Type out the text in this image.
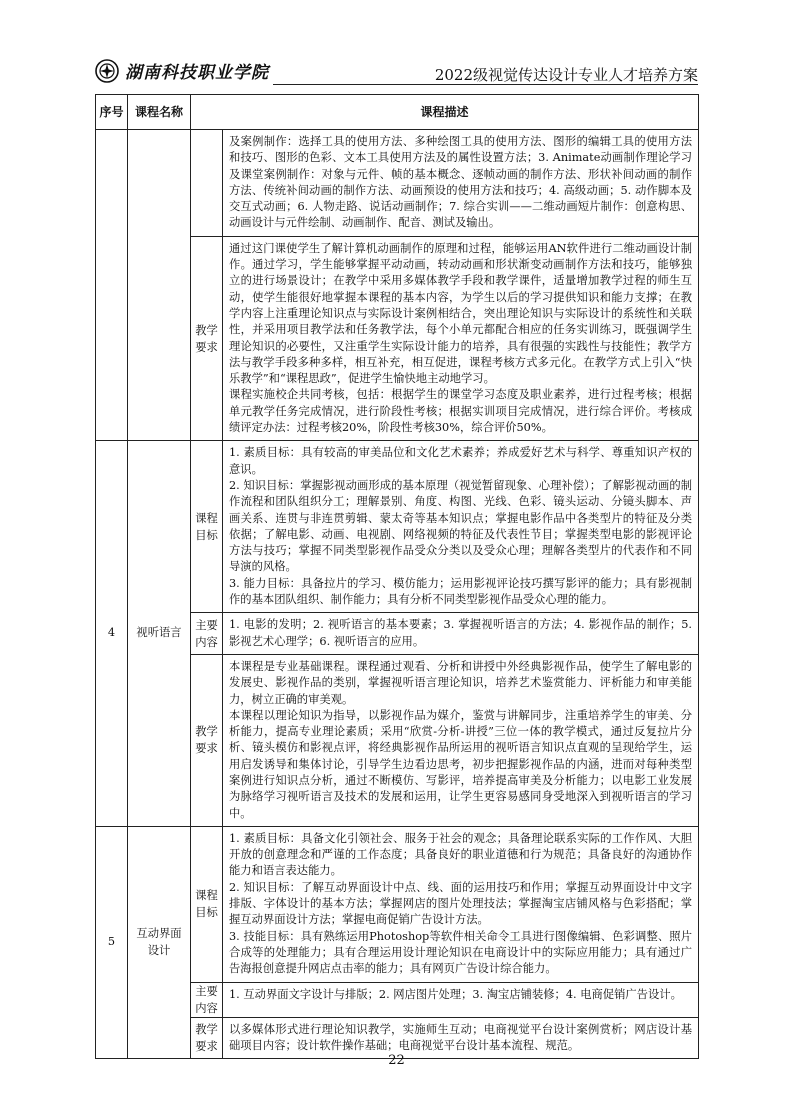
湖南科技职业学院	2022级视觉传达设计专业人才培养方案
序号	课程名称	课程描述	

			及案例制作：选择工具的使用方法、多种绘图工具的使用方法、图形的编辑工具的使用方法和技巧、图形的色彩、文本工具使用方法及的属性设置方法；3. Animate动画制作理论学习及课堂案例制作：对象与元件、帧的基本概念、逐帧动画的制作方法、形状补间动画的制作方法、传统补间动画的制作方法、动画预设的使用方法和技巧；4. 高级动画；5. 动作脚本及交互式动画；6. 人物走路、说话动画制作；7. 综合实训——二维动画短片制作：创意构思、动画设计与元件绘制、动画制作、配音、测试及输出。

		教学要求	通过这门课使学生了解计算机动画制作的原理和过程，能够运用AN软件进行二维动画设计制作。通过学习，学生能够掌握平动动画，转动动画和形状渐变动画制作方法和技巧，能够独立的进行场景设计；在教学中采用多媒体教学手段和教学课件，适量增加教学过程的师生互动，使学生能很好地掌握本课程的基本内容，为学生以后的学习提供知识和能力支撑；在教学内容上注重理论知识点与实际设计案例相结合，突出理论知识与实际设计的系统性和关联性，并采用项目教学法和任务教学法，每个小单元都配合相应的任务实训练习，既强调学生理论知识的必要性，又注重学生实际设计能力的培养，具有很强的实践性与技能性；教学方法与教学手段多种多样，相互补充，相互促进，课程考核方式多元化。在教学方式上引入“快乐教学”和“课程思政”，促进学生愉快地主动地学习。
课程实施校企共同考核，包括：根据学生的课堂学习态度及职业素养，进行过程考核；根据单元教学任务完成情况，进行阶段性考核；根据实训项目完成情况，进行综合评价。考核成绩评定办法：过程考核20%，阶段性考核30%，综合评价50%。

4	视听语言	课程目标	1. 素质目标：具有较高的审美品位和文化艺术素养；养成爱好艺术与科学、尊重知识产权的意识。
2. 知识目标：掌握影视动画形成的基本原理（视觉暂留现象、心理补偿）；了解影视动画的制作流程和团队组织分工；理解景别、角度、构图、光线、色彩、镜头运动、分镜头脚本、声画关系、连贯与非连贯剪辑、蒙太奇等基本知识点；掌握电影作品中各类型片的特征及分类依据；了解电影、动画、电视剧、网络视频的特征及代表性节目；掌握类型电影的影视评论方法与技巧；掌握不同类型影视作品受众分类以及受众心理；理解各类型片的代表作和不同导演的风格。
3. 能力目标：具备拉片的学习、模仿能力；运用影视评论技巧撰写影评的能力；具有影视制作的基本团队组织、制作能力；具有分析不同类型影视作品受众心理的能力。

		主要内容	1. 电影的发明；2. 视听语言的基本要素；3. 掌握视听语言的方法；4. 影视作品的制作；5. 影视艺术心理学；6. 视听语言的应用。

		教学要求	本课程是专业基础课程。课程通过观看、分析和讲授中外经典影视作品，使学生了解电影的发展史、影视作品的类别，掌握视听语言理论知识，培养艺术鉴赏能力、评析能力和审美能力，树立正确的审美观。
本课程以理论知识为指导，以影视作品为媒介，鉴赏与讲解同步，注重培养学生的审美、分析能力，提高专业理论素质；采用“欣赏-分析-讲授”三位一体的教学模式，通过反复拉片分析、镜头模仿和影视点评，将经典影视作品所运用的视听语言知识点直观的呈现给学生，运用启发诱导和集体讨论，引导学生边看边思考，初步把握影视作品的内涵，进而对每种类型案例进行知识点分析，通过不断模仿、写影评，培养提高审美及分析能力；以电影工业发展为脉络学习视听语言及技术的发展和运用，让学生更容易感同身受地深入到视听语言的学习中。

5	互动界面设计	课程目标	1. 素质目标：具备文化引领社会、服务于社会的观念；具备理论联系实际的工作作风、大胆开放的创意理念和严谨的工作态度；具备良好的职业道德和行为规范；具备良好的沟通协作能力和语言表达能力。
2. 知识目标：了解互动界面设计中点、线、面的运用技巧和作用；掌握互动界面设计中文字排版、字体设计的基本方法；掌握网店的图片处理技法；掌握淘宝店铺风格与色彩搭配；掌握互动界面设计方法；掌握电商促销广告设计方法。
3. 技能目标：具有熟练运用Photoshop等软件相关命令工具进行图像编辑、色彩调整、照片合成等的处理能力；具有合理运用设计理论知识在电商设计中的实际应用能力；具有通过广告海报创意提升网店点击率的能力；具有网页广告设计综合能力。

		主要内容	1. 互动界面文字设计与排版；2. 网店图片处理；3. 淘宝店铺装修；4. 电商促销广告设计。

		教学要求	以多媒体形式进行理论知识教学，实施师生互动；电商视觉平台设计案例赏析；网店设计基础项目内容；设计软件操作基础；电商视觉平台设计基本流程、规范。
22
